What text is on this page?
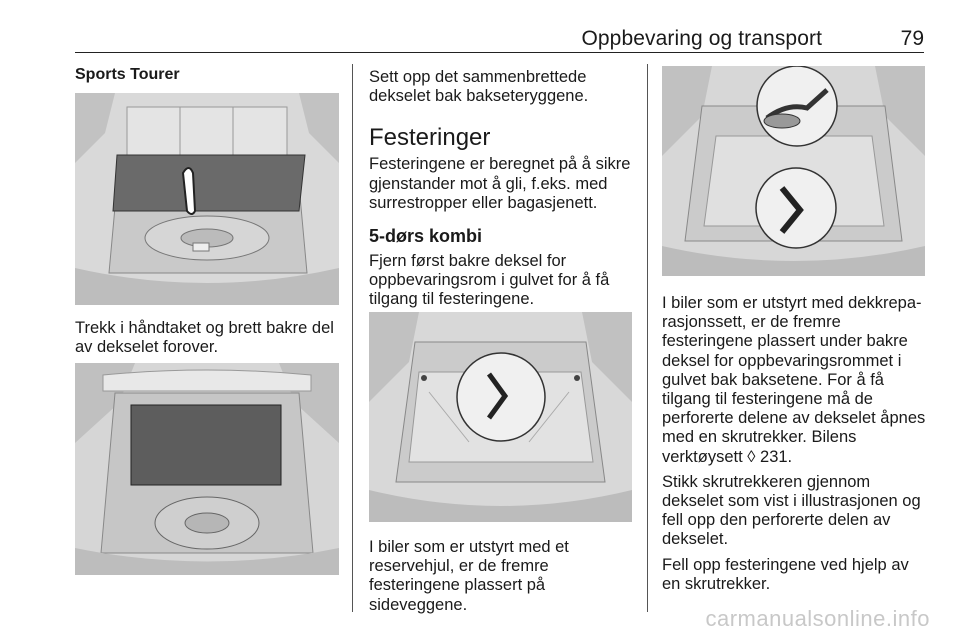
Oppbevaring og transport	79

Sports Tourer

Trekk i håndtaket og brett bakre del av dekselet forover.

Sett opp det sammenbrettede dekselet bak bakseteryggene.

Festeringer

Festeringene er beregnet på å sikre gjenstander mot å gli, f.eks. med surrestropper eller bagasjenett.

5-dørs kombi

Fjern først bakre deksel for oppbevaringsrom i gulvet for å få tilgang til festeringene.

I biler som er utstyrt med et reservehjul, er de fremre festeringene plassert på sideveggene.

I biler som er utstyrt med dekkreparasjonssett, er de fremre festeringene plassert under bakre deksel for oppbevaringsrommet i gulvet bak baksetene. For å få tilgang til festeringene må de perforerte delene av dekselet åpnes med en skrutrekker. Bilens verktøysett ◊ 231.

Stikk skrutrekkeren gjennom dekselet som vist i illustrasjonen og fell opp den perforerte delen av dekselet.

Fell opp festeringene ved hjelp av en skrutrekker.

carmanualsonline.info
